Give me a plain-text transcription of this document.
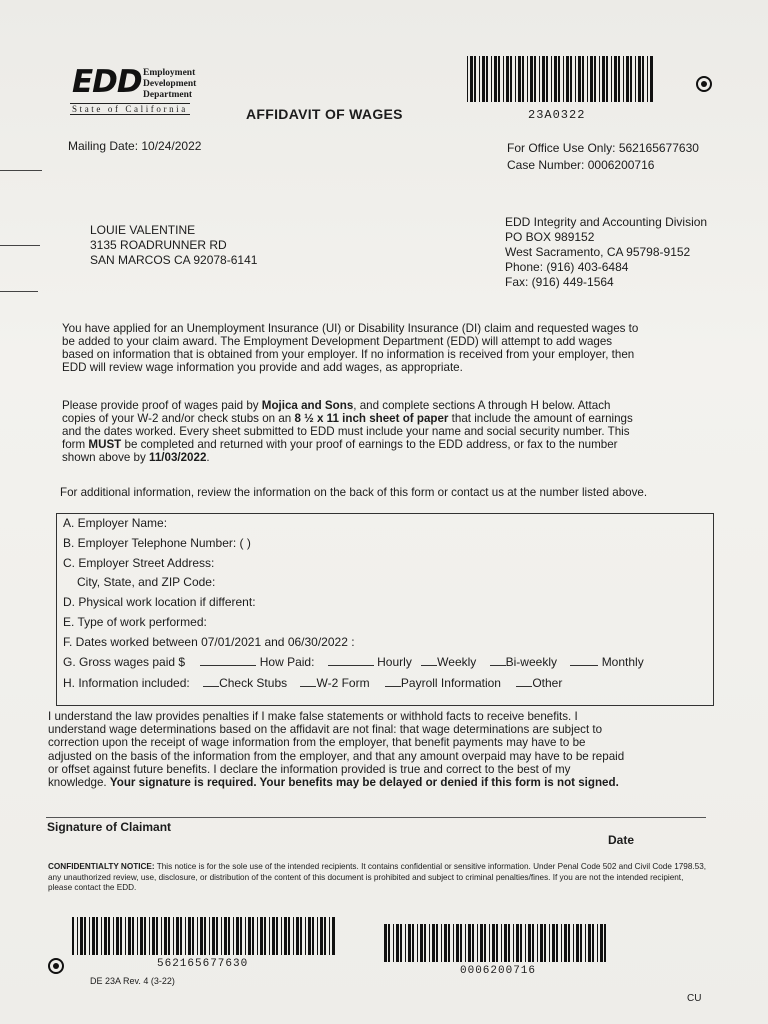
EDD Employment
Development
Department
State of California	AFFIDAVIT OF WAGES	23A0322
Mailing Date: 10/24/2022	For Office Use Only: 562165677630
Case Number: 0006200716
LOUIE VALENTINE
3135 ROADRUNNER RD
SAN MARCOS CA 92078-6141
EDD Integrity and Accounting Division
PO BOX 989152
West Sacramento, CA 95798-9152
Phone: (916) 403-6484
Fax: (916) 449-1564
You have applied for an Unemployment Insurance (UI) or Disability Insurance (DI) claim and requested wages to
be added to your claim award. The Employment Development Department (EDD) will attempt to add wages
based on information that is obtained from your employer. If no information is received from your employer, then
EDD will review wage information you provide and add wages, as appropriate.
Please provide proof of wages paid by Mojica and Sons, and complete sections A through H below. Attach
copies of your W-2 and/or check stubs on an 8 ½ x 11 inch sheet of paper that include the amount of earnings
and the dates worked. Every sheet submitted to EDD must include your name and social security number. This
form MUST be completed and returned with your proof of earnings to the EDD address, or fax to the number
shown above by 11/03/2022.
For additional information, review the information on the back of this form or contact us at the number listed above.
A. Employer Name:
B. Employer Telephone Number: ( )
C. Employer Street Address:
City, State, and ZIP Code:
D. Physical work location if different:
E. Type of work performed:
F. Dates worked between 07/01/2021 and 06/30/2022 :
G. Gross wages paid $	How Paid:	Hourly Weekly Bi-weekly	Monthly
H. Information included: Check Stubs W-2 Form	Payroll Information	Other
I understand the law provides penalties if I make false statements or withhold facts to receive benefits. I
understand wage determinations based on the affidavit are not final: that wage determinations are subject to
correction upon the receipt of wage information from the employer, that benefit payments may have to be
adjusted on the basis of the information from the employer, and that any amount overpaid may have to be repaid
or offset against future benefits. I declare the information provided is true and correct to the best of my
knowledge. Your signature is required. Your benefits may be delayed or denied if this form is not signed.
Signature of Claimant
Date
CONFIDENTIALTY NOTICE: This notice is for the sole use of the intended recipients. It contains confidential or sensitive information. Under Penal Code 502 and Civil Code 1798.53, any unauthorized review, use, disclosure, or distribution of the content of this document is prohibited and subject to criminal penalties/fines. If you are not the intended recipient, please contact the EDD.
562165677630
0006200716
DE 23A Rev. 4 (3-22)
CU
